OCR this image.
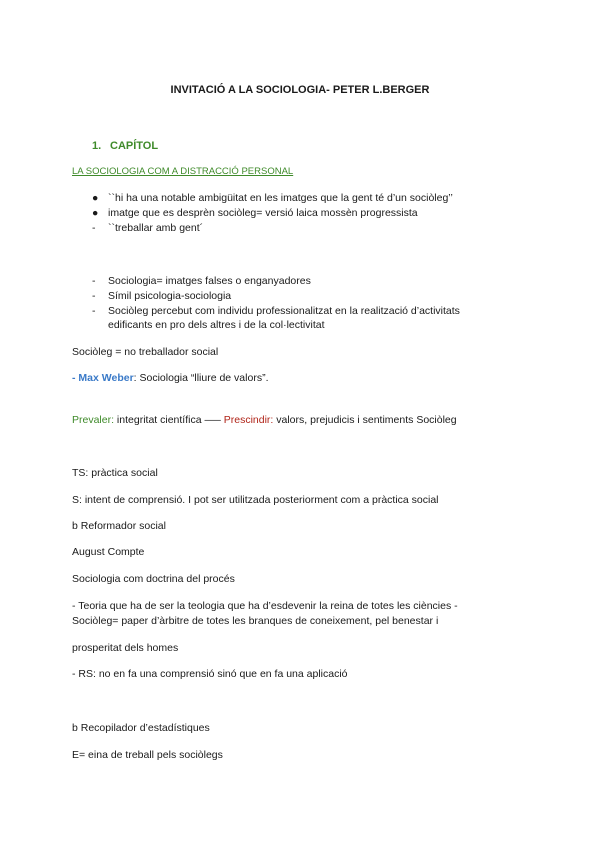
INVITACIÓ A LA SOCIOLOGIA- PETER L.BERGER
1. CAPÍTOL
LA SOCIOLOGIA COM A DISTRACCIÓ PERSONAL
● ``hi ha una notable ambigüitat en les imatges que la gent té d’un sociòleg’’
● imatge que es desprèn sociòleg= versió laica mossèn progressista
-	``treballar amb gent´
-	Sociologia= imatges falses o enganyadores
-	Símil psicologia-sociologia
-	Sociòleg percebut com individu professionalitzat en la realització d’activitats
edificants en pro dels altres i de la col·lectivitat
Sociòleg = no treballador social
- Max Weber: Sociologia “lliure de valors”.
Prevaler: integritat científica —– Prescindir: valors, prejudicis i sentiments Sociòleg
TS: pràctica social
S: intent de comprensió. I pot ser utilitzada posteriorment com a pràctica social
b Reformador social
August Compte
Sociologia com doctrina del procés
- Teoria que ha de ser la teologia que ha d’esdevenir la reina de totes les ciències -
Sociòleg= paper d’àrbitre de totes les branques de coneixement, pel benestar i
prosperitat dels homes
- RS: no en fa una comprensió sinó que en fa una aplicació
b Recopilador d’estadístiques
E= eina de treball pels sociòlegs
